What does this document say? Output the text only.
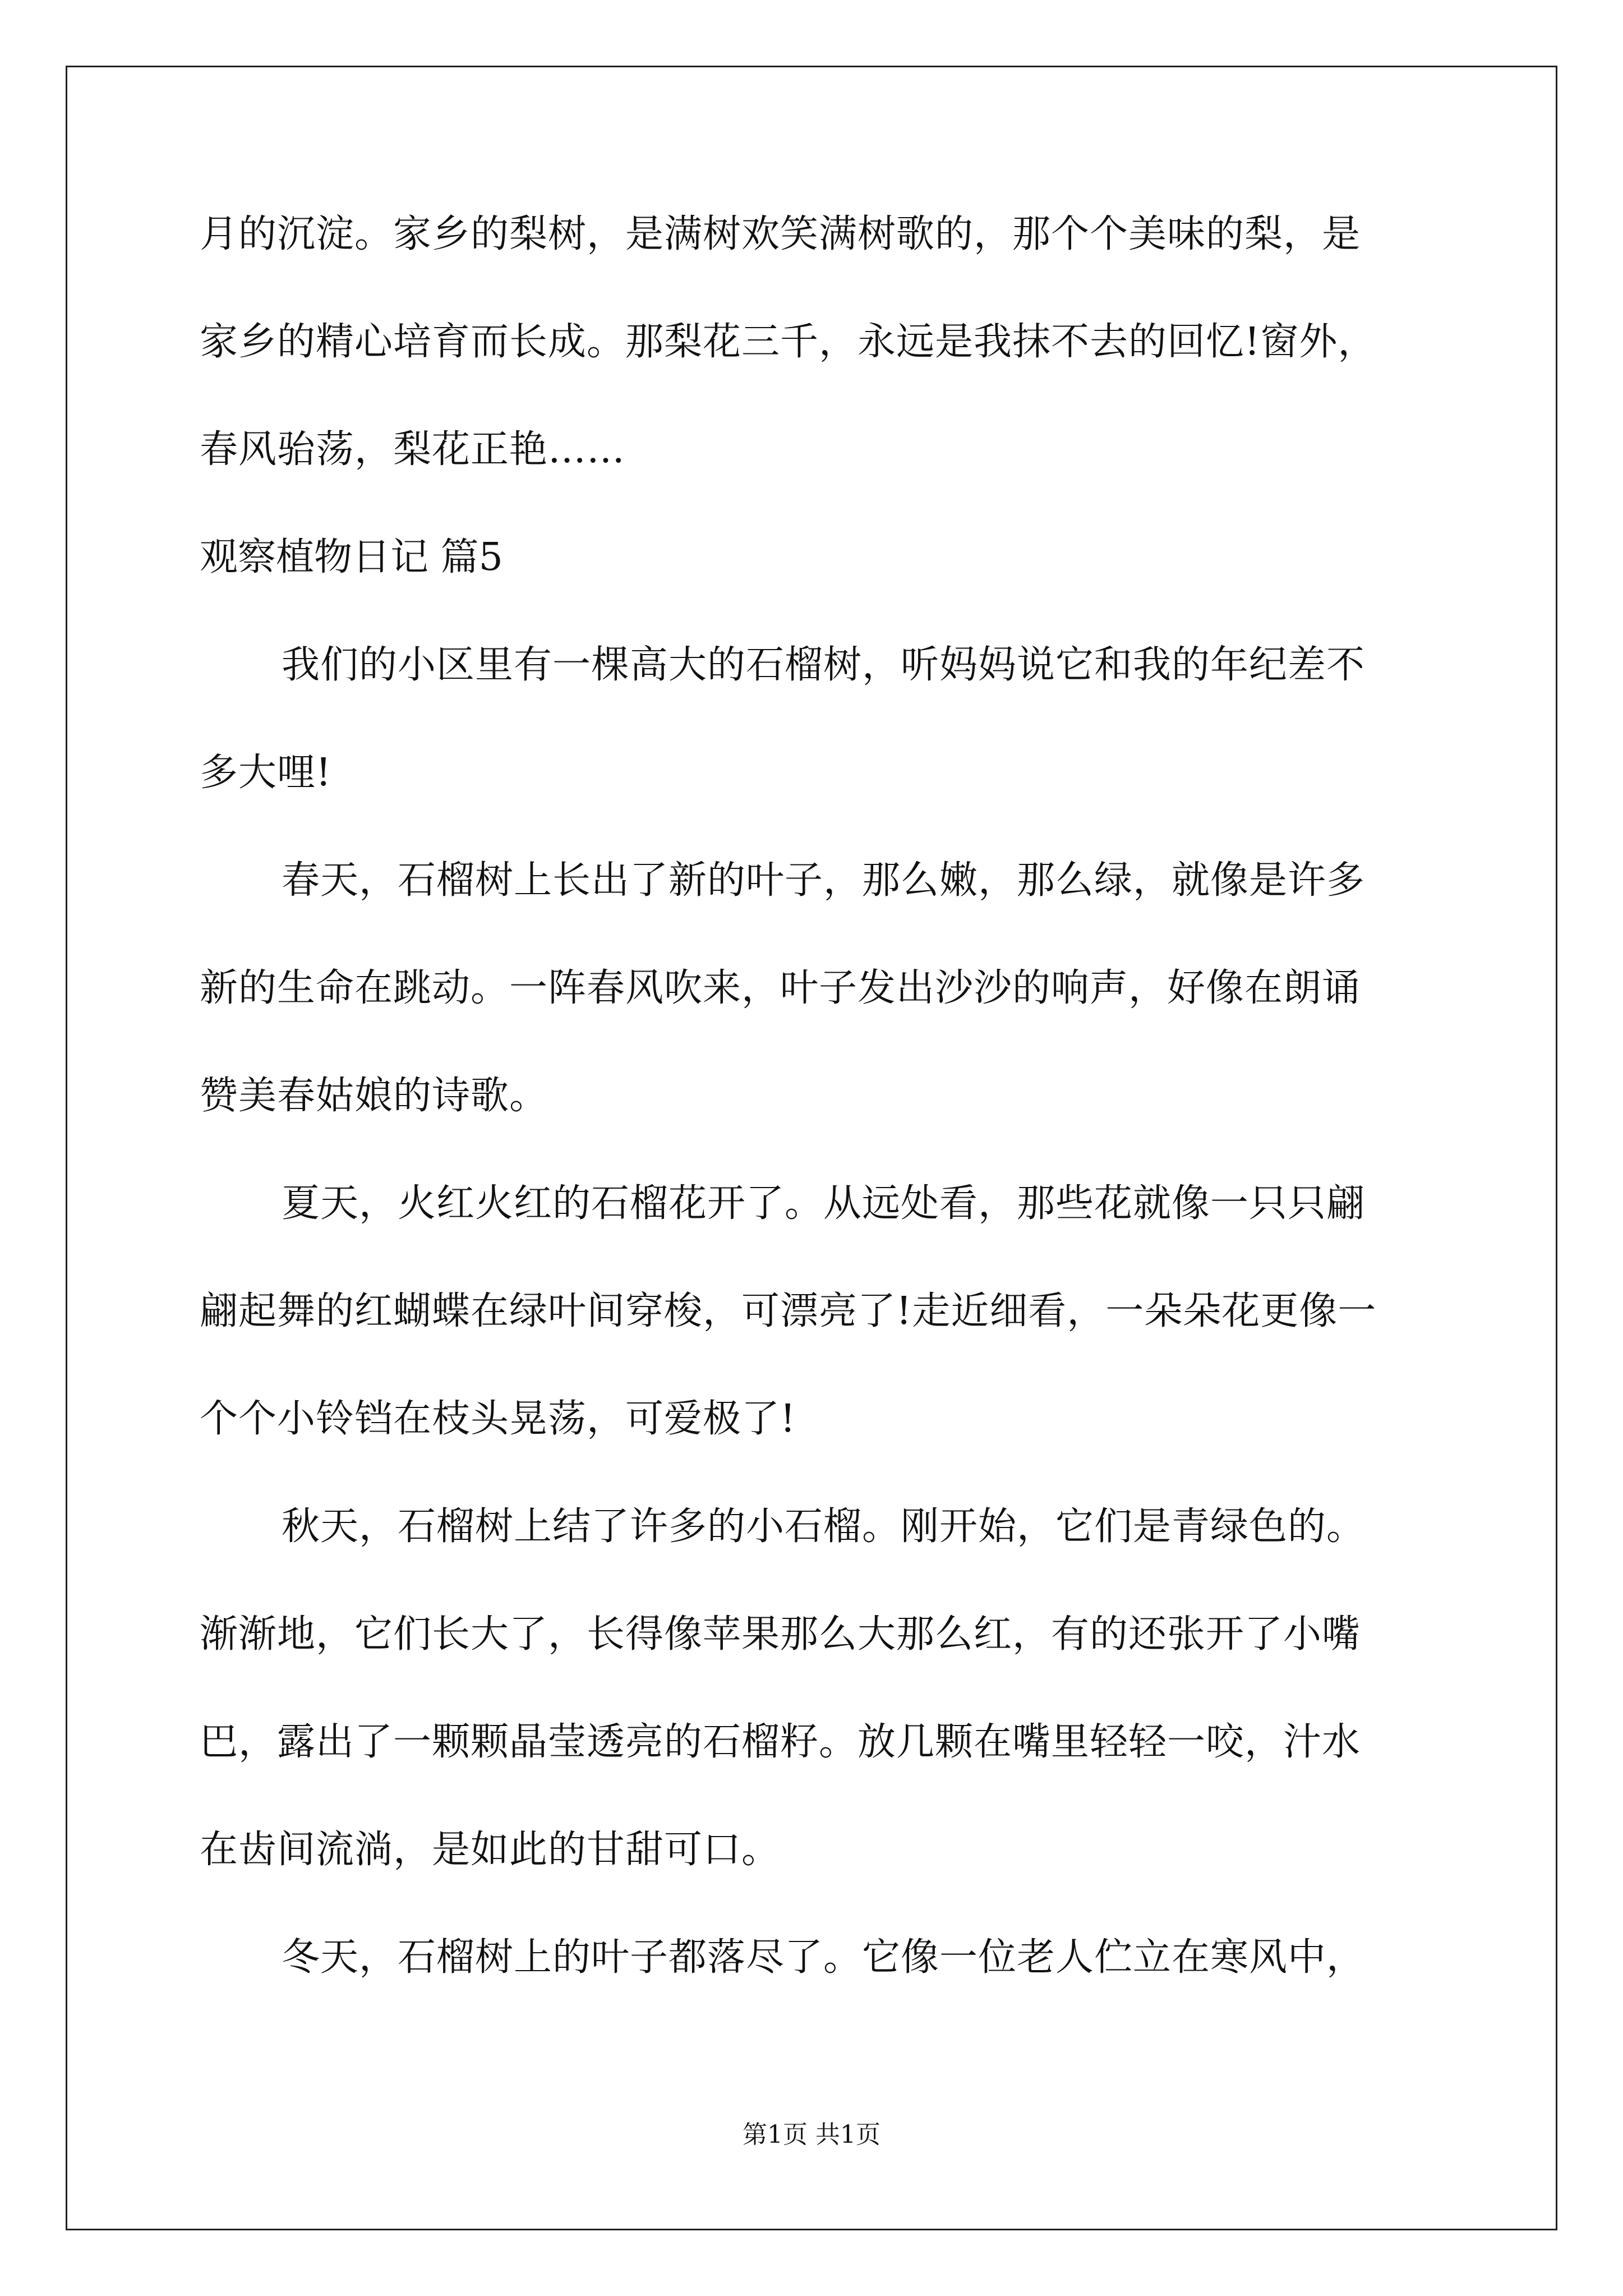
月的沉淀。家乡的梨树，是满树欢笑满树歌的，那个个美味的梨，是
家乡的精心培育而长成。那梨花三千，永远是我抹不去的回忆!窗外，
春风骀荡，梨花正艳……
观察植物日记 篇5
我们的小区里有一棵高大的石榴树，听妈妈说它和我的年纪差不
多大哩!
春天，石榴树上长出了新的叶子，那么嫩，那么绿，就像是许多
新的生命在跳动。一阵春风吹来，叶子发出沙沙的响声，好像在朗诵
赞美春姑娘的诗歌。
夏天，火红火红的石榴花开了。从远处看，那些花就像一只只翩
翩起舞的红蝴蝶在绿叶间穿梭，可漂亮了!走近细看，一朵朵花更像一
个个小铃铛在枝头晃荡，可爱极了!
秋天，石榴树上结了许多的小石榴。刚开始，它们是青绿色的。
渐渐地，它们长大了，长得像苹果那么大那么红，有的还张开了小嘴
巴，露出了一颗颗晶莹透亮的石榴籽。放几颗在嘴里轻轻一咬，汁水
在齿间流淌，是如此的甘甜可口。
冬天，石榴树上的叶子都落尽了。它像一位老人伫立在寒风中，
第1页 共1页
